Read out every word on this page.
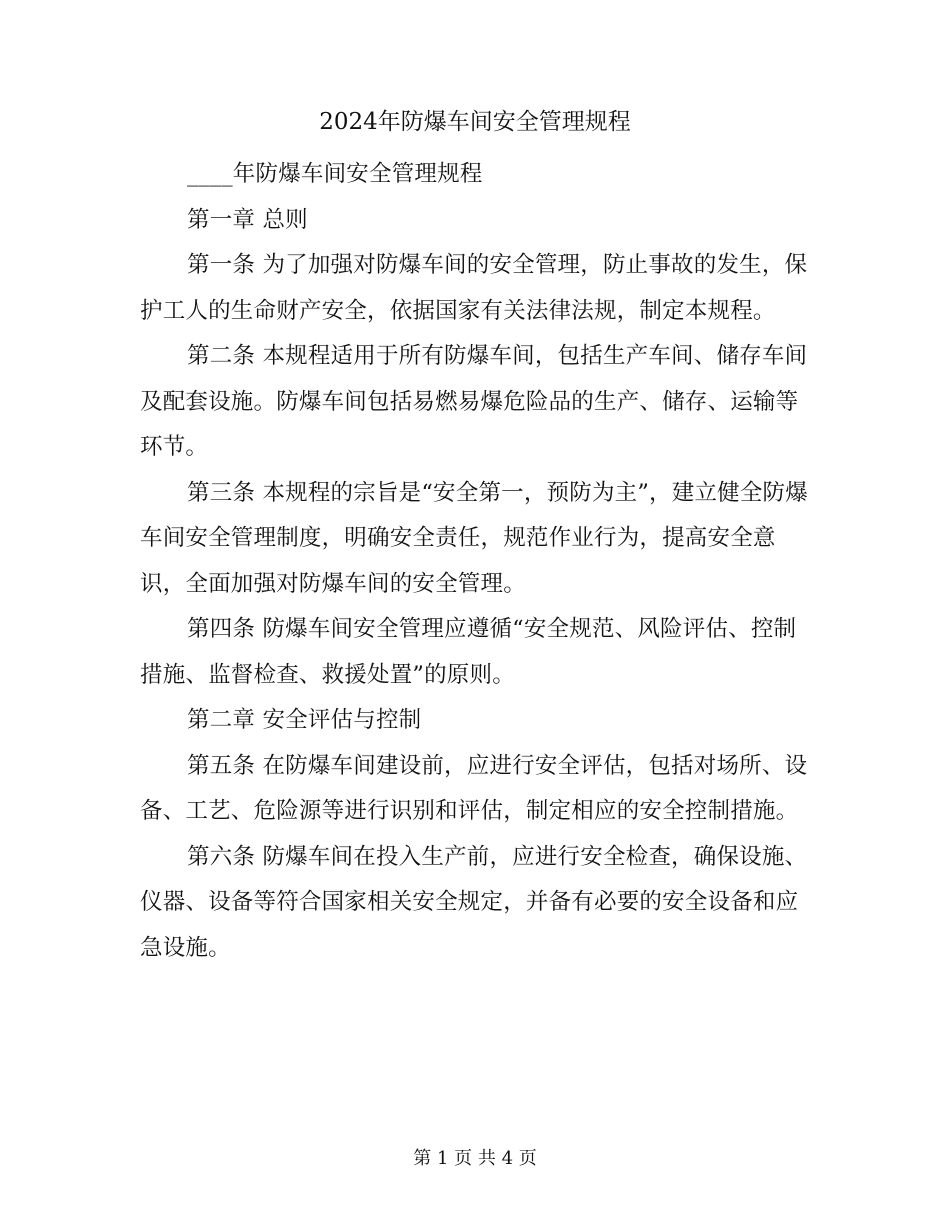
2024年防爆车间安全管理规程

____年防爆车间安全管理规程

第一章 总则

第一条 为了加强对防爆车间的安全管理，防止事故的发生，保护工人的生命财产安全，依据国家有关法律法规，制定本规程。

第二条 本规程适用于所有防爆车间，包括生产车间、储存车间及配套设施。防爆车间包括易燃易爆危险品的生产、储存、运输等环节。

第三条 本规程的宗旨是“安全第一，预防为主”，建立健全防爆车间安全管理制度，明确安全责任，规范作业行为，提高安全意识，全面加强对防爆车间的安全管理。

第四条 防爆车间安全管理应遵循“安全规范、风险评估、控制措施、监督检查、救援处置”的原则。

第二章 安全评估与控制

第五条 在防爆车间建设前，应进行安全评估，包括对场所、设备、工艺、危险源等进行识别和评估，制定相应的安全控制措施。

第六条 防爆车间在投入生产前，应进行安全检查，确保设施、仪器、设备等符合国家相关安全规定，并备有必要的安全设备和应急设施。

第 1 页 共 4 页
